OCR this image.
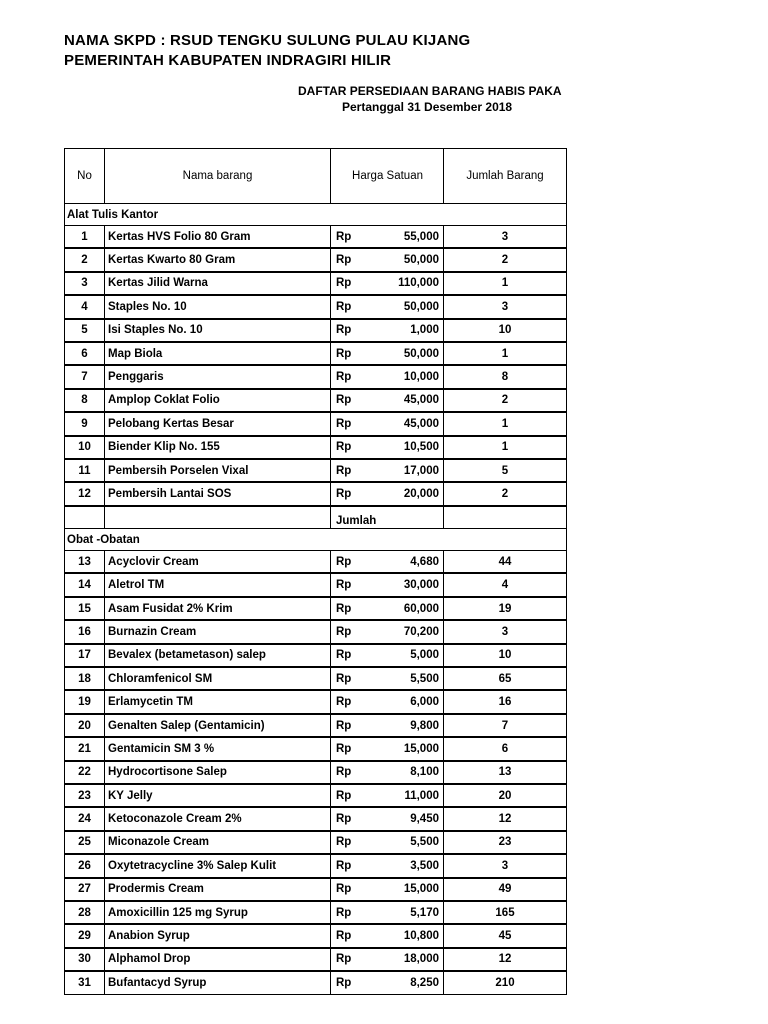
NAMA SKPD : RSUD TENGKU SULUNG PULAU KIJANG
PEMERINTAH KABUPATEN INDRAGIRI HILIR
DAFTAR PERSEDIAAN BARANG HABIS PAKA
Pertanggal 31 Desember 2018
No	Nama barang	Harga Satuan	Jumlah Barang
Alat Tulis Kantor
1	Kertas HVS Folio 80 Gram	Rp	55,000	3
2	Kertas Kwarto 80 Gram	Rp	50,000	2
3	Kertas Jilid Warna	Rp	110,000	1
4	Staples No. 10	Rp	50,000	3
5	Isi Staples No. 10	Rp	1,000	10
6	Map Biola	Rp	50,000	1
7	Penggaris	Rp	10,000	8
8	Amplop Coklat Folio	Rp	45,000	2
9	Pelobang Kertas Besar	Rp	45,000	1
10	Biender Klip No. 155	Rp	10,500	1
11	Pembersih Porselen Vixal	Rp	17,000	5
12	Pembersih Lantai SOS	Rp	20,000	2
Jumlah
Obat -Obatan
13	Acyclovir Cream	Rp	4,680	44
14	Aletrol TM	Rp	30,000	4
15	Asam Fusidat 2% Krim	Rp	60,000	19
16	Burnazin Cream	Rp	70,200	3
17	Bevalex (betametason) salep	Rp	5,000	10
18	Chloramfenicol SM	Rp	5,500	65
19	Erlamycetin TM	Rp	6,000	16
20	Genalten Salep (Gentamicin)	Rp	9,800	7
21	Gentamicin SM 3 %	Rp	15,000	6
22	Hydrocortisone Salep	Rp	8,100	13
23	KY Jelly	Rp	11,000	20
24	Ketoconazole Cream 2%	Rp	9,450	12
25	Miconazole Cream	Rp	5,500	23
26	Oxytetracycline 3% Salep Kulit	Rp	3,500	3
27	Prodermis Cream	Rp	15,000	49
28	Amoxicillin 125 mg Syrup	Rp	5,170	165
29	Anabion Syrup	Rp	10,800	45
30	Alphamol Drop	Rp	18,000	12
31	Bufantacyd Syrup	Rp	8,250	210
